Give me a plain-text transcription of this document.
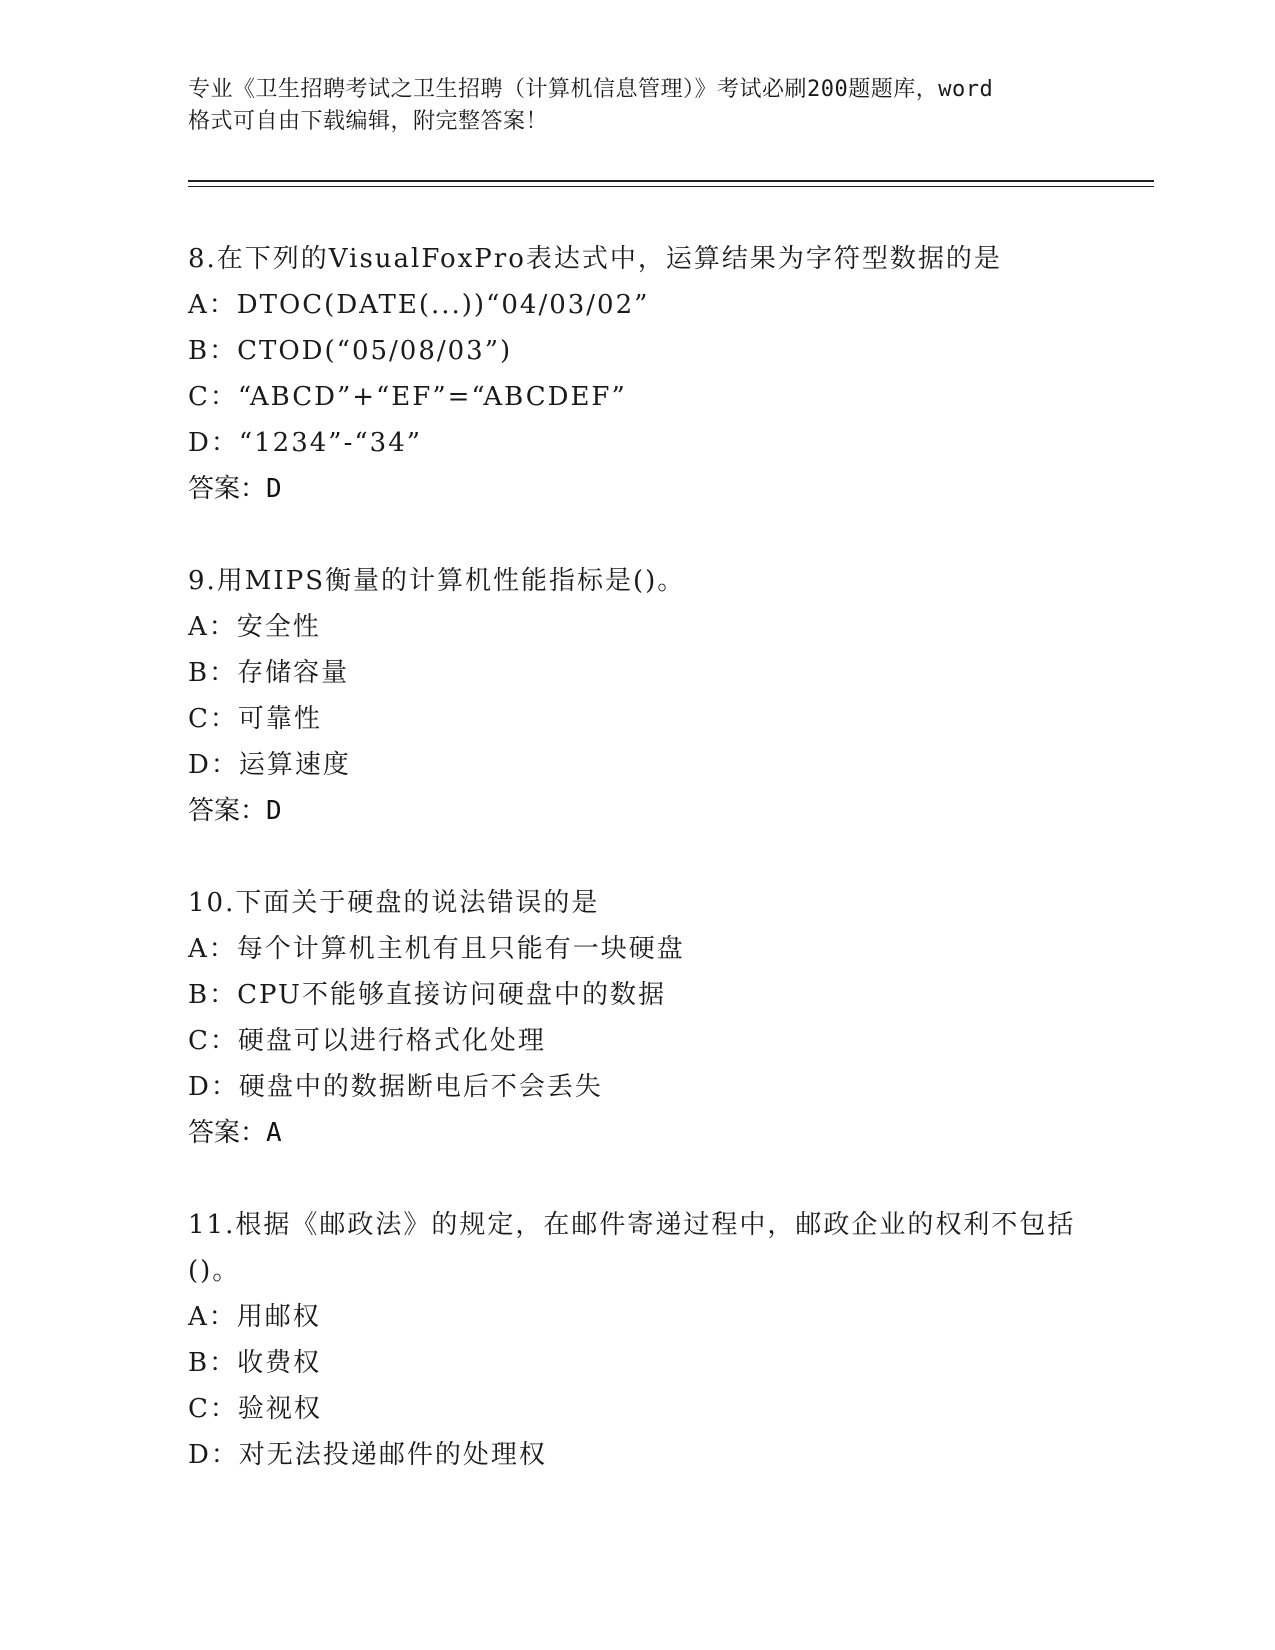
专业《卫生招聘考试之卫生招聘（计算机信息管理）》考试必刷200题题库，word
格式可自由下载编辑，附完整答案！
8.在下列的VisualFoxPro表达式中，运算结果为字符型数据的是
A：DTOC(DATE(...))“04/03/02”
B：CTOD(“05/08/03”)
C：“ABCD”+“EF”=“ABCDEF”
D：“1234”-“34”
答案：D
9.用MIPS衡量的计算机性能指标是()。
A：安全性
B：存储容量
C：可靠性
D：运算速度
答案：D
10.下面关于硬盘的说法错误的是
A：每个计算机主机有且只能有一块硬盘
B：CPU不能够直接访问硬盘中的数据
C：硬盘可以进行格式化处理
D：硬盘中的数据断电后不会丢失
答案：A
11.根据《邮政法》的规定，在邮件寄递过程中，邮政企业的权利不包括()。
A：用邮权
B：收费权
C：验视权
D：对无法投递邮件的处理权
